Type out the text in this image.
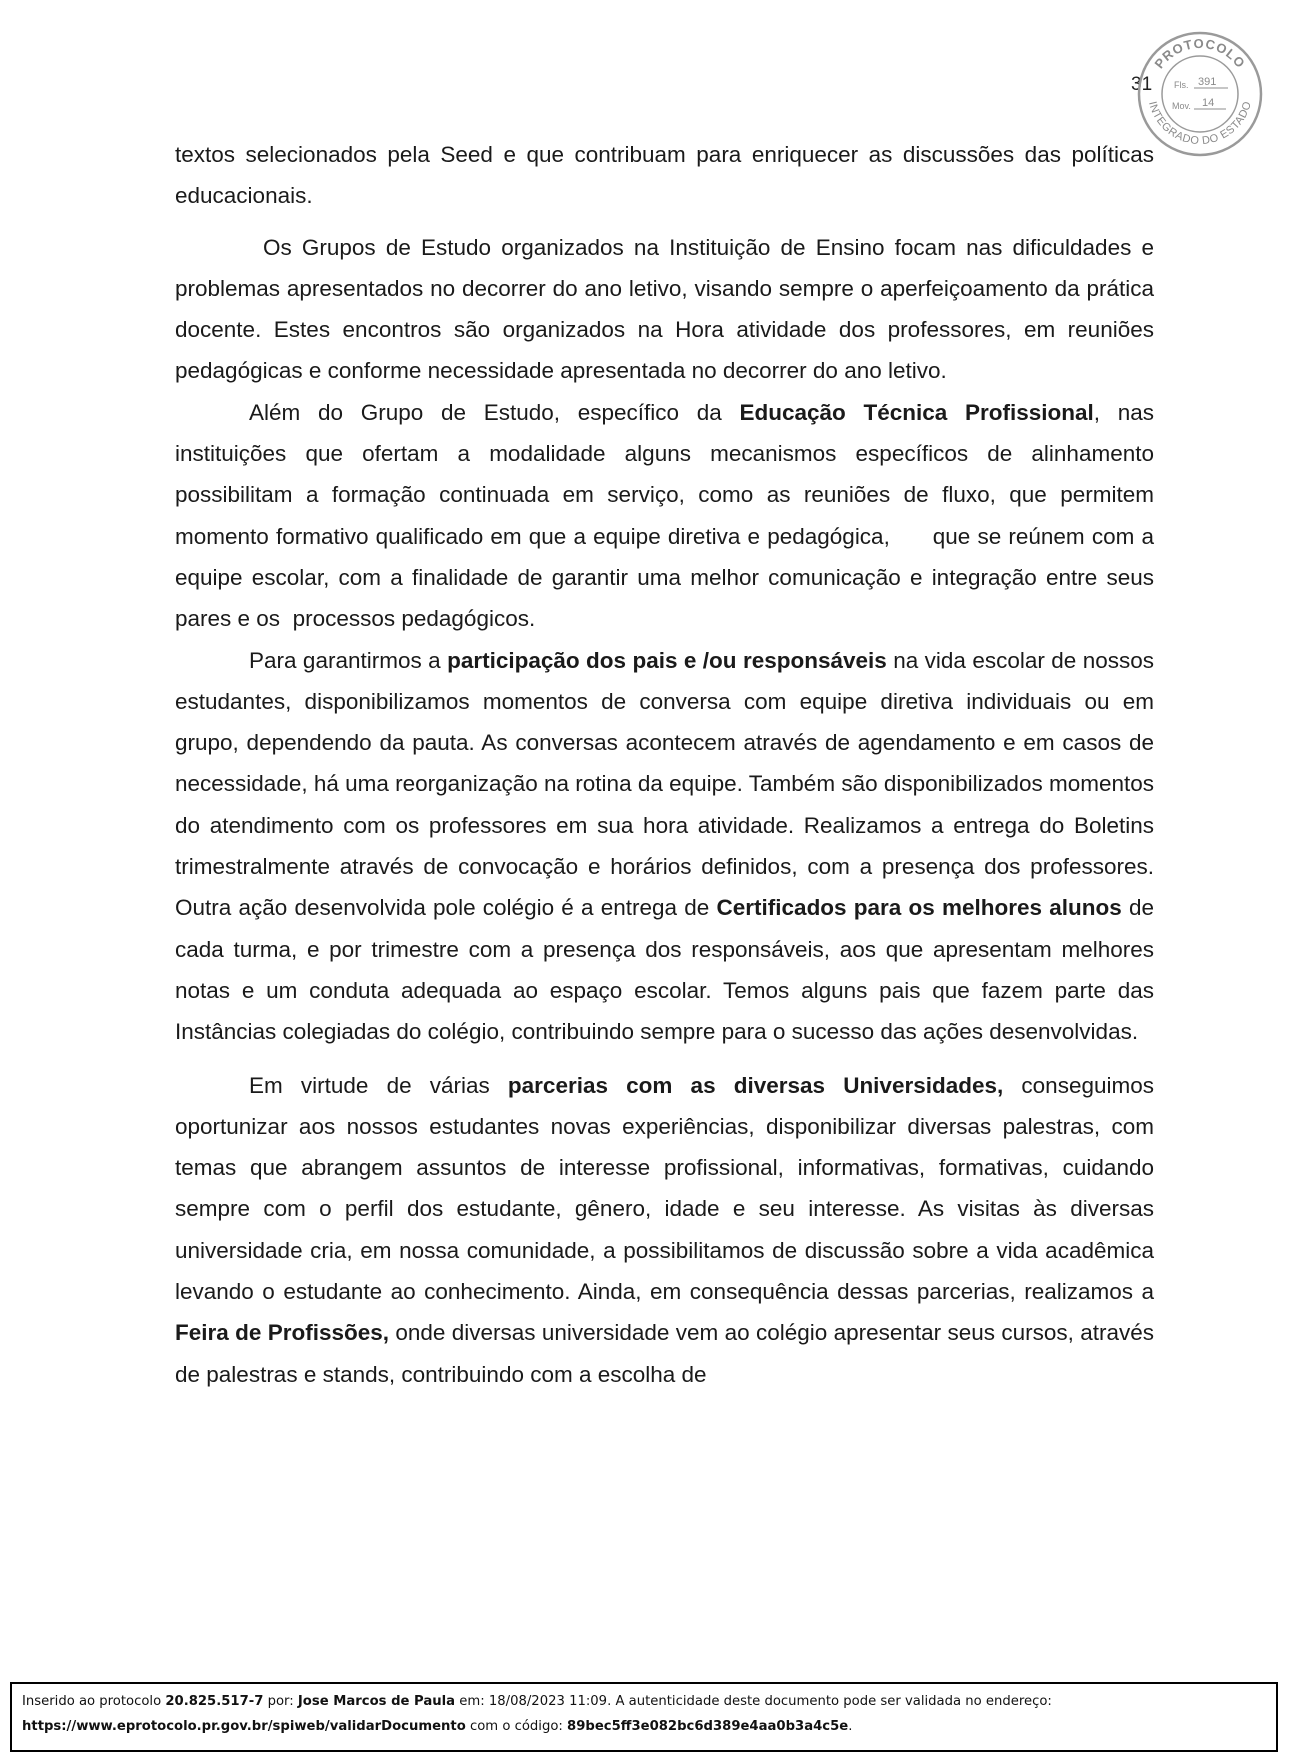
31
PROTOCOLO
INTEGRADO DO ESTADO
Fls. 391
Mov. 14

textos selecionados pela Seed e que contribuam para enriquecer as discussões das políticas educacionais.

Os Grupos de Estudo organizados na Instituição de Ensino focam nas dificuldades e problemas apresentados no decorrer do ano letivo, visando sempre o aperfeiçoamento da prática docente. Estes encontros são organizados na Hora atividade dos professores, em reuniões pedagógicas e conforme necessidade apresentada no decorrer do ano letivo.

Além do Grupo de Estudo, específico da Educação Técnica Profissional, nas instituições que ofertam a modalidade alguns mecanismos específicos de alinhamento possibilitam a formação continuada em serviço, como as reuniões de fluxo, que permitem momento formativo qualificado em que a equipe diretiva e pedagógica,      que se reúnem com a equipe escolar, com a finalidade de garantir uma melhor comunicação e integração entre seus pares e os  processos pedagógicos.

Para garantirmos a participação dos pais e /ou responsáveis na vida escolar de nossos estudantes, disponibilizamos momentos de conversa com equipe diretiva individuais ou em grupo, dependendo da pauta. As conversas acontecem através de agendamento e em casos de necessidade, há uma reorganização na rotina da equipe. Também são disponibilizados momentos do atendimento com os professores em sua hora atividade. Realizamos a entrega do Boletins trimestralmente através de convocação e horários definidos, com a presença dos professores. Outra ação desenvolvida pole colégio é a entrega de Certificados para os melhores alunos de cada turma, e por trimestre com a presença dos responsáveis, aos que apresentam melhores notas e um conduta adequada ao espaço escolar. Temos alguns pais que fazem parte das Instâncias colegiadas do colégio, contribuindo sempre para o sucesso das ações desenvolvidas.

Em virtude de várias parcerias com as diversas Universidades, conseguimos oportunizar aos nossos estudantes novas experiências, disponibilizar diversas palestras, com temas que abrangem assuntos de interesse profissional, informativas, formativas, cuidando sempre com o perfil dos estudante, gênero, idade e seu interesse. As visitas às diversas universidade cria, em nossa comunidade, a possibilitamos de discussão sobre a vida acadêmica levando o estudante ao conhecimento. Ainda, em consequência dessas parcerias, realizamos a Feira de Profissões, onde diversas universidade vem ao colégio apresentar seus cursos, através de palestras e stands, contribuindo com a escolha de

Inserido ao protocolo 20.825.517-7 por: Jose Marcos de Paula em: 18/08/2023 11:09. A autenticidade deste documento pode ser validada no endereço:
https://www.eprotocolo.pr.gov.br/spiweb/validarDocumento com o código: 89bec5ff3e082bc6d389e4aa0b3a4c5e.
